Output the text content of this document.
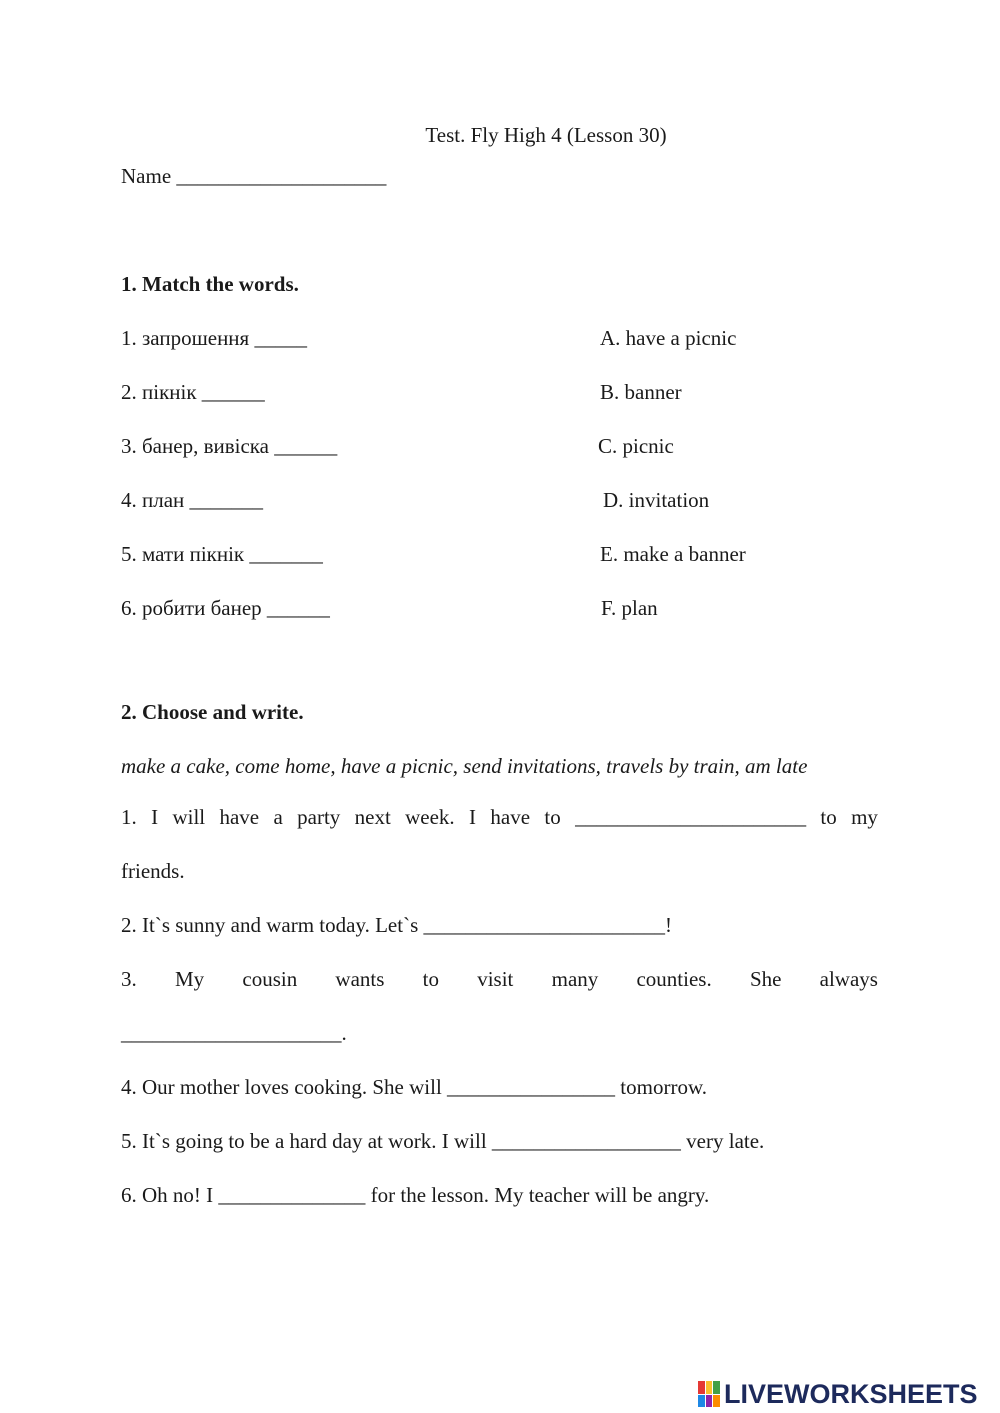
Test. Fly High 4 (Lesson 30)
Name ____________________
1. Match the words.
1. запрошення _____
2. пікнік ______
3. банер, вивіска ______
4. план _______
5. мати пікнік _______
6. робити банер ______
A. have a picnic
B. banner
C. picnic
D. invitation
E. make a banner
F. plan
2. Choose and write.
make a cake, come home, have a picnic, send invitations, travels by train, am late
1. I will have a party next week. I have to ______________________ to my
friends.
2. It`s sunny and warm today. Let`s _______________________!
3. My cousin wants to visit many counties. She always
_____________________.
4. Our mother loves cooking. She will ________________ tomorrow.
5. It`s going to be a hard day at work. I will __________________ very late.
6. Oh no! I ______________ for the lesson. My teacher will be angry.
LIVEWORKSHEETS
